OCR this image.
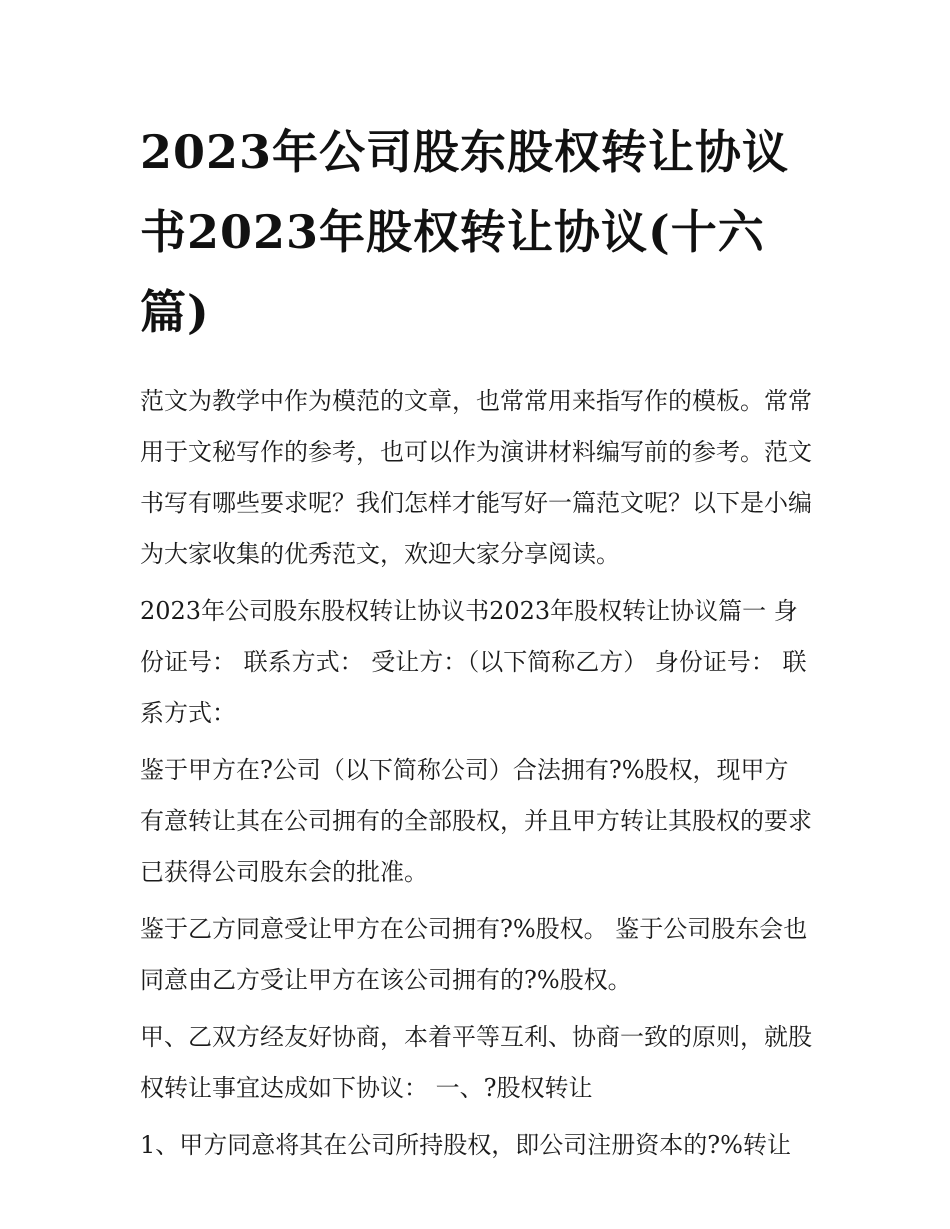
2023年公司股东股权转让协议书2023年股权转让协议(十六篇)

范文为教学中作为模范的文章，也常常用来指写作的模板。常常用于文秘写作的参考，也可以作为演讲材料编写前的参考。范文书写有哪些要求呢？我们怎样才能写好一篇范文呢？以下是小编为大家收集的优秀范文，欢迎大家分享阅读。

2023年公司股东股权转让协议书2023年股权转让协议篇一 身份证号： 联系方式： 受让方：（以下简称乙方） 身份证号： 联系方式：

鉴于甲方在?公司（以下简称公司）合法拥有?%股权，现甲方有意转让其在公司拥有的全部股权，并且甲方转让其股权的要求已获得公司股东会的批准。

鉴于乙方同意受让甲方在公司拥有?%股权。 鉴于公司股东会也同意由乙方受让甲方在该公司拥有的?%股权。

甲、乙双方经友好协商，本着平等互利、协商一致的原则，就股权转让事宜达成如下协议： 一、?股权转让

1、甲方同意将其在公司所持股权，即公司注册资本的?%转让
